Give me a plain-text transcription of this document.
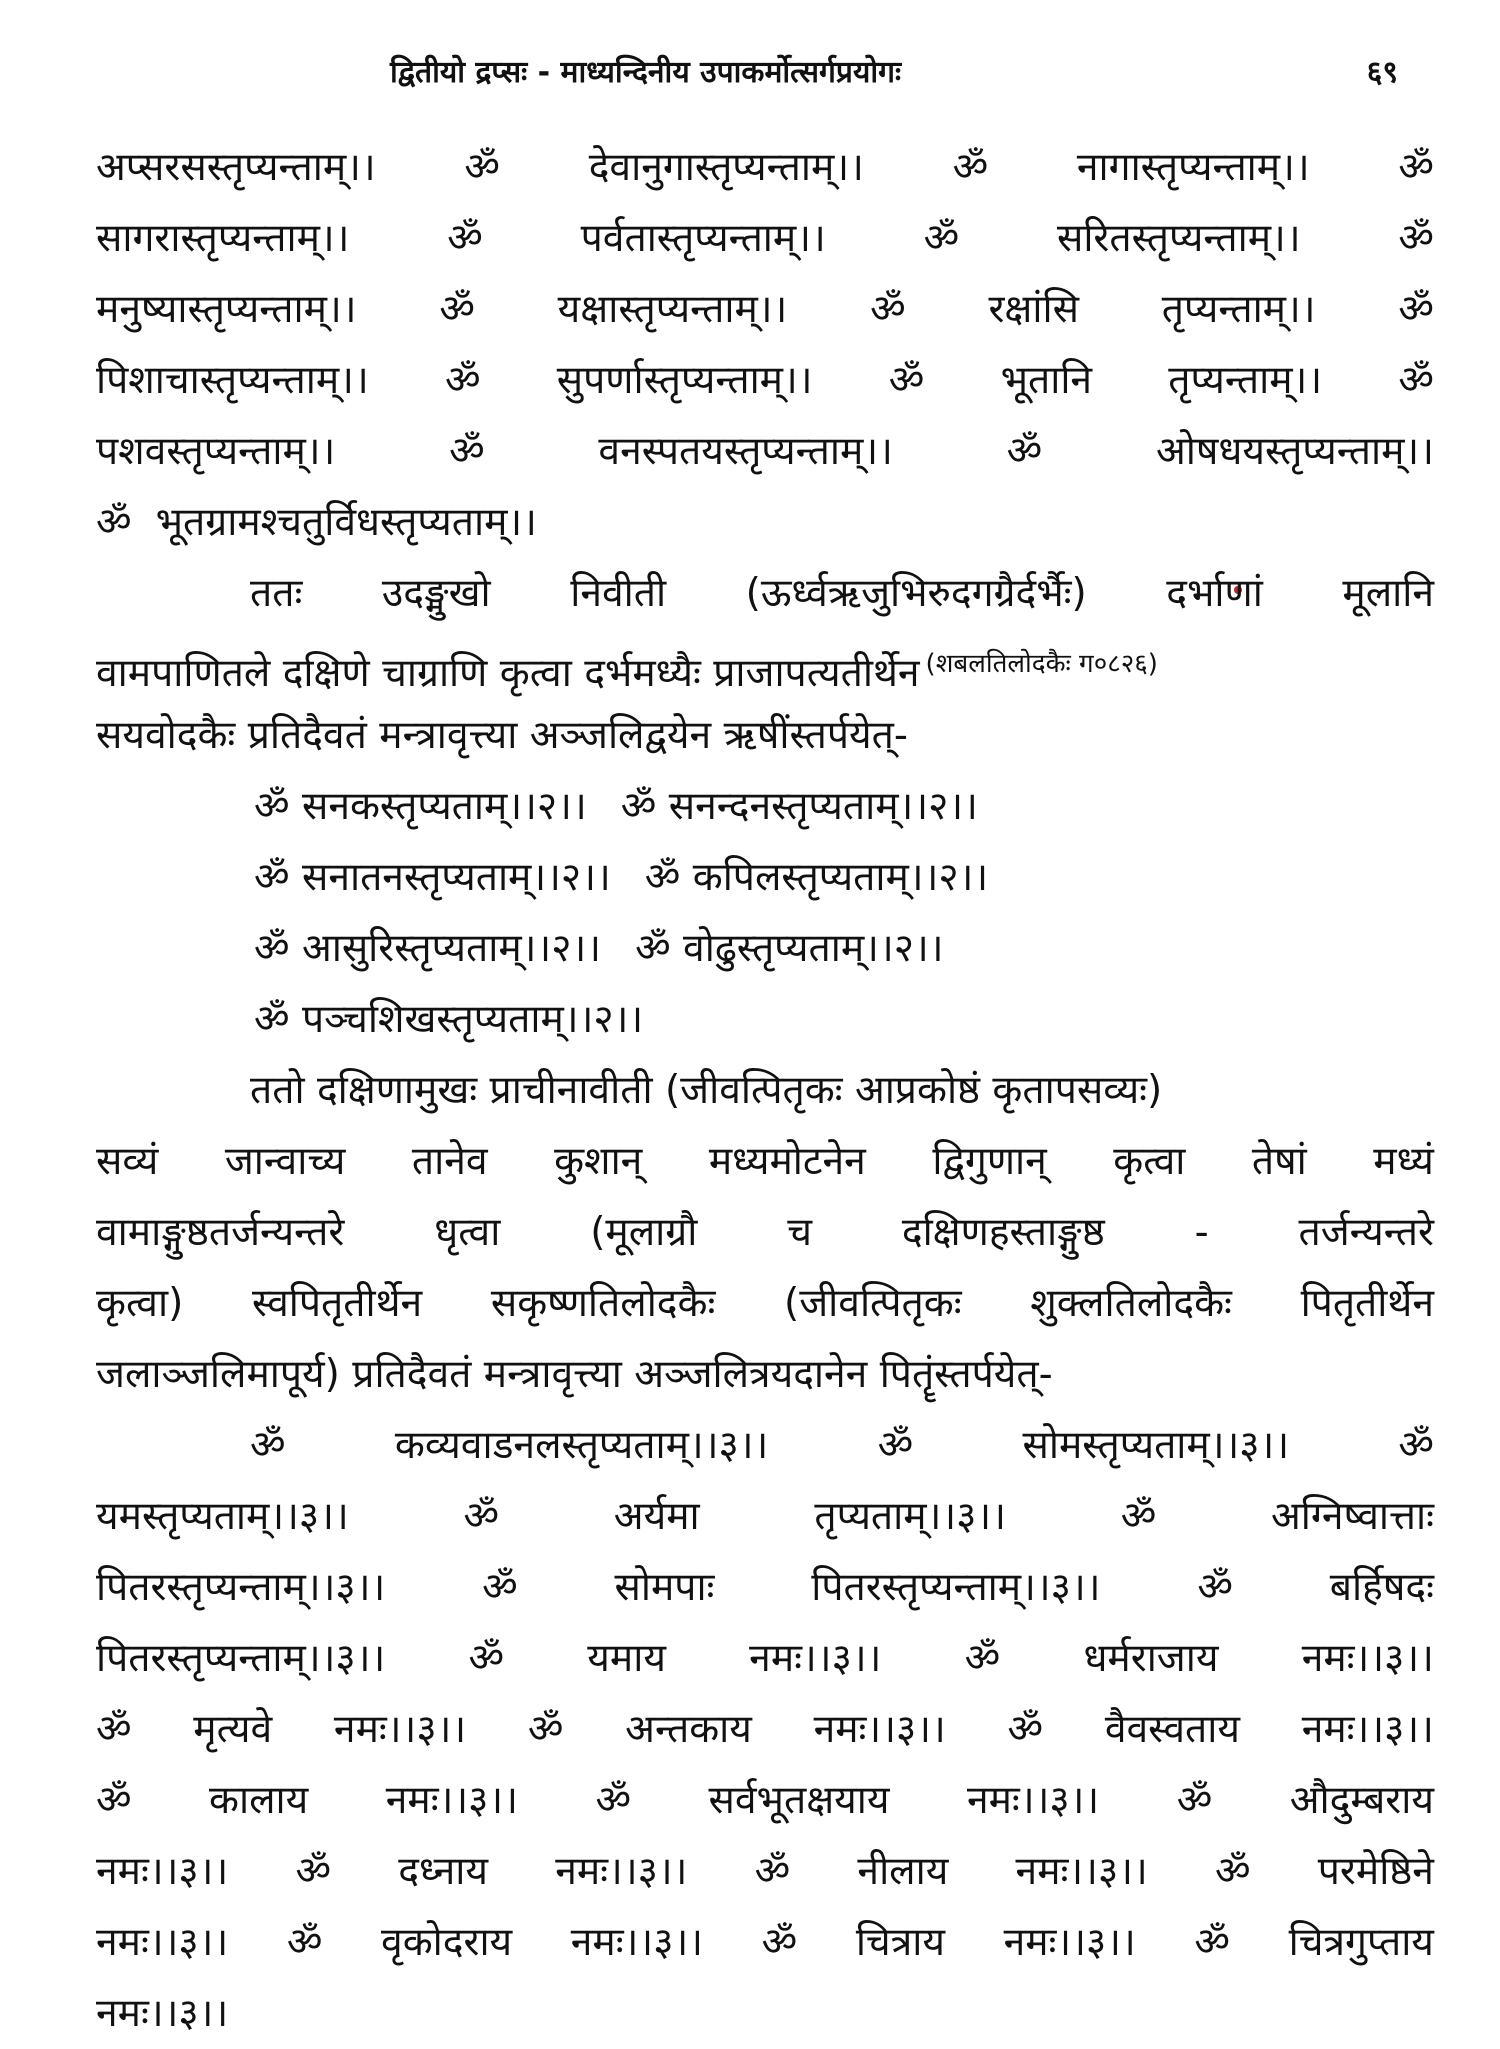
द्वितीयो द्रप्सः - माध्यन्दिनीय उपाकर्मोत्सर्गप्रयोगः	६९
अप्सरसस्तृप्यन्ताम्।। ॐ देवानुगास्तृप्यन्ताम्।। ॐ नागास्तृप्यन्ताम्।। ॐ
सागरास्तृप्यन्ताम्।।	ॐ	पर्वतास्तृप्यन्ताम्।।	ॐ	सरितस्तृप्यन्ताम्।।	ॐ
मनुष्यास्तृप्यन्ताम्।। ॐ यक्षास्तृप्यन्ताम्।। ॐ रक्षांसि तृप्यन्ताम्।। ॐ
पिशाचास्तृप्यन्ताम्।। ॐ सुपर्णास्तृप्यन्ताम्।। ॐ भूतानि तृप्यन्ताम्।। ॐ
पशवस्तृप्यन्ताम्।।	ॐ	वनस्पतयस्तृप्यन्ताम्।।	ॐ	ओषधयस्तृप्यन्ताम्।।
ॐ भूतग्रामश्चतुर्विधस्तृप्यताम्।।
ततः उदङ्मुखो निवीती (ऊर्ध्वऋजुभिरुदगग्रैर्दर्भैः) दर्भाणां मूलानि
वामपाणितले दक्षिणे चाग्राणि कृत्वा दर्भमध्यैः प्राजापत्यतीर्थेन $^{(शबलतिलोदकैः ग०८२६)}$
सयवोदकैः प्रतिदैवतं मन्त्रावृत्त्या अञ्जलिद्वयेन ऋषींस्तर्पयेत्-
ॐ सनकस्तृप्यताम्।।२।। ॐ सनन्दनस्तृप्यताम्।।२।।
ॐ सनातनस्तृप्यताम्।।२।। ॐ कपिलस्तृप्यताम्।।२।।
ॐ आसुरिस्तृप्यताम्।।२।। ॐ वोढुस्तृप्यताम्।।२।।
ॐ पञ्चशिखस्तृप्यताम्।।२।।
ततो दक्षिणामुखः प्राचीनावीती (जीवत्पितृकः आप्रकोष्ठं कृतापसव्यः)
सव्यं जान्वाच्य तानेव कुशान् मध्यमोटनेन द्विगुणान् कृत्वा तेषां मध्यं
वामाङ्गुष्ठतर्जन्यन्तरे धृत्वा (मूलाग्रौ च दक्षिणहस्ताङ्गुष्ठ - तर्जन्यन्तरे
कृत्वा) स्वपितृतीर्थेन सकृष्णतिलोदकैः (जीवत्पितृकः शुक्लतिलोदकैः पितृतीर्थेन
जलाञ्जलिमापूर्य) प्रतिदैवतं मन्त्रावृत्त्या अञ्जलित्रयदानेन पितॄंस्तर्पयेत्-
ॐ	कव्यवाडनलस्तृप्यताम्।।३।।	ॐ	सोमस्तृप्यताम्।।३।।	ॐ
यमस्तृप्यताम्।।३।।	ॐ	अर्यमा	तृप्यताम्।।३।।	ॐ	अग्निष्वात्ताः
पितरस्तृप्यन्ताम्।।३।। ॐ सोमपाः पितरस्तृप्यन्ताम्।।३।। ॐ बर्हिषदः
पितरस्तृप्यन्ताम्।।३।। ॐ यमाय नमः।।३।। ॐ धर्मराजाय नमः।।३।।
ॐ मृत्यवे नमः।।३।। ॐ अन्तकाय नमः।।३।। ॐ वैवस्वताय नमः।।३।।
ॐ कालाय नमः।।३।। ॐ सर्वभूतक्षयाय नमः।।३।। ॐ औदुम्बराय
नमः।।३।। ॐ दध्नाय नमः।।३।। ॐ नीलाय नमः।।३।। ॐ परमेष्ठिने
नमः।।३।। ॐ वृकोदराय नमः।।३।। ॐ चित्राय नमः।।३।। ॐ चित्रगुप्ताय
नमः।।३।।
